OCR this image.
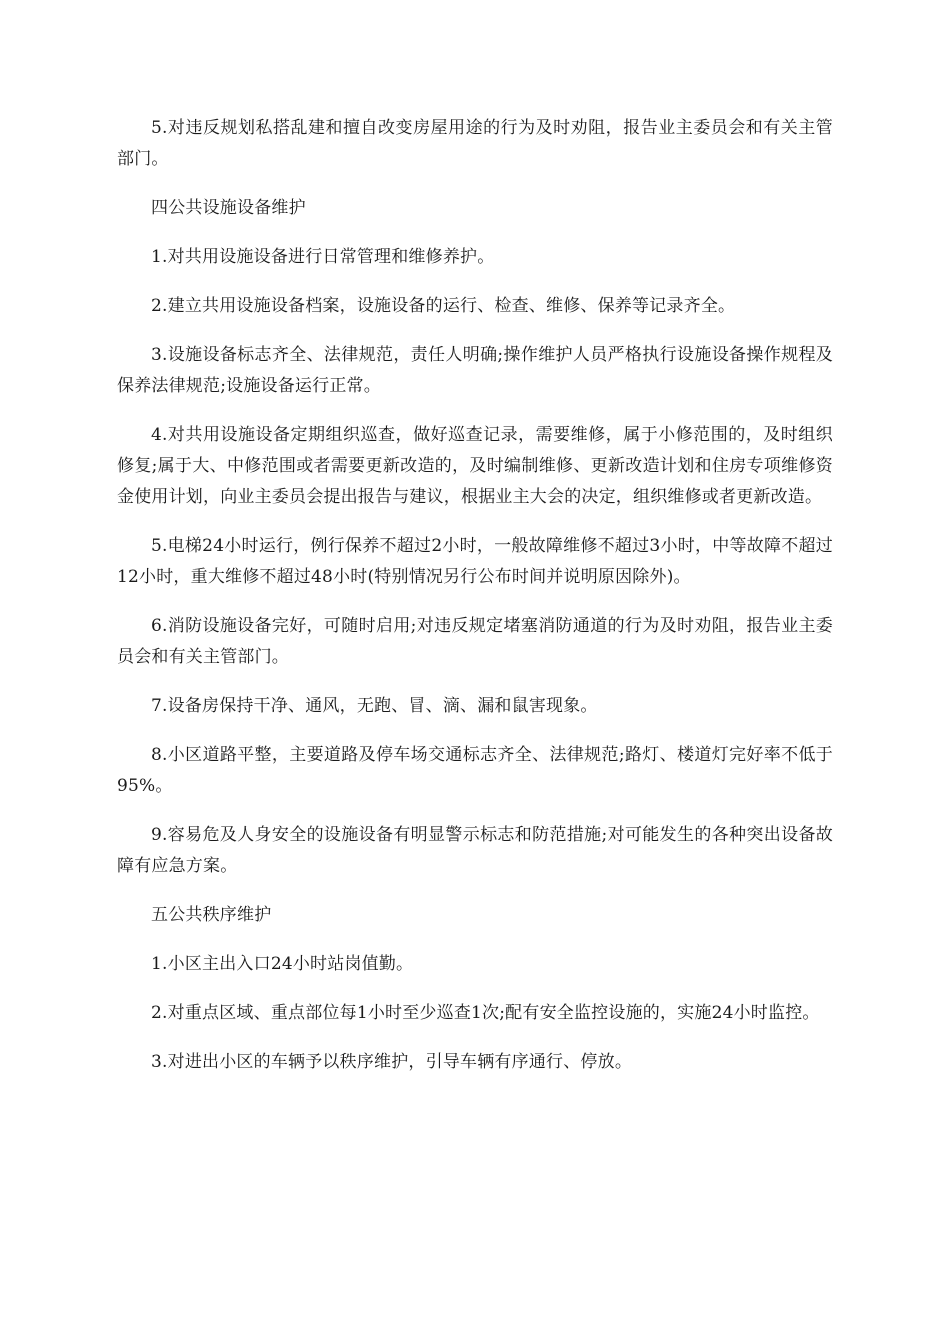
5.对违反规划私搭乱建和擅自改变房屋用途的行为及时劝阻，报告业主委员会和有关主管部门。

四公共设施设备维护

1.对共用设施设备进行日常管理和维修养护。

2.建立共用设施设备档案，设施设备的运行、检查、维修、保养等记录齐全。

3.设施设备标志齐全、法律规范，责任人明确;操作维护人员严格执行设施设备操作规程及保养法律规范;设施设备运行正常。

4.对共用设施设备定期组织巡查，做好巡查记录，需要维修，属于小修范围的，及时组织修复;属于大、中修范围或者需要更新改造的，及时编制维修、更新改造计划和住房专项维修资金使用计划，向业主委员会提出报告与建议，根据业主大会的决定，组织维修或者更新改造。

5.电梯24小时运行，例行保养不超过2小时，一般故障维修不超过3小时，中等故障不超过12小时，重大维修不超过48小时(特别情况另行公布时间并说明原因除外)。

6.消防设施设备完好，可随时启用;对违反规定堵塞消防通道的行为及时劝阻，报告业主委员会和有关主管部门。

7.设备房保持干净、通风，无跑、冒、滴、漏和鼠害现象。

8.小区道路平整，主要道路及停车场交通标志齐全、法律规范;路灯、楼道灯完好率不低于95%。

9.容易危及人身安全的设施设备有明显警示标志和防范措施;对可能发生的各种突出设备故障有应急方案。

五公共秩序维护

1.小区主出入口24小时站岗值勤。

2.对重点区域、重点部位每1小时至少巡查1次;配有安全监控设施的，实施24小时监控。

3.对进出小区的车辆予以秩序维护，引导车辆有序通行、停放。
